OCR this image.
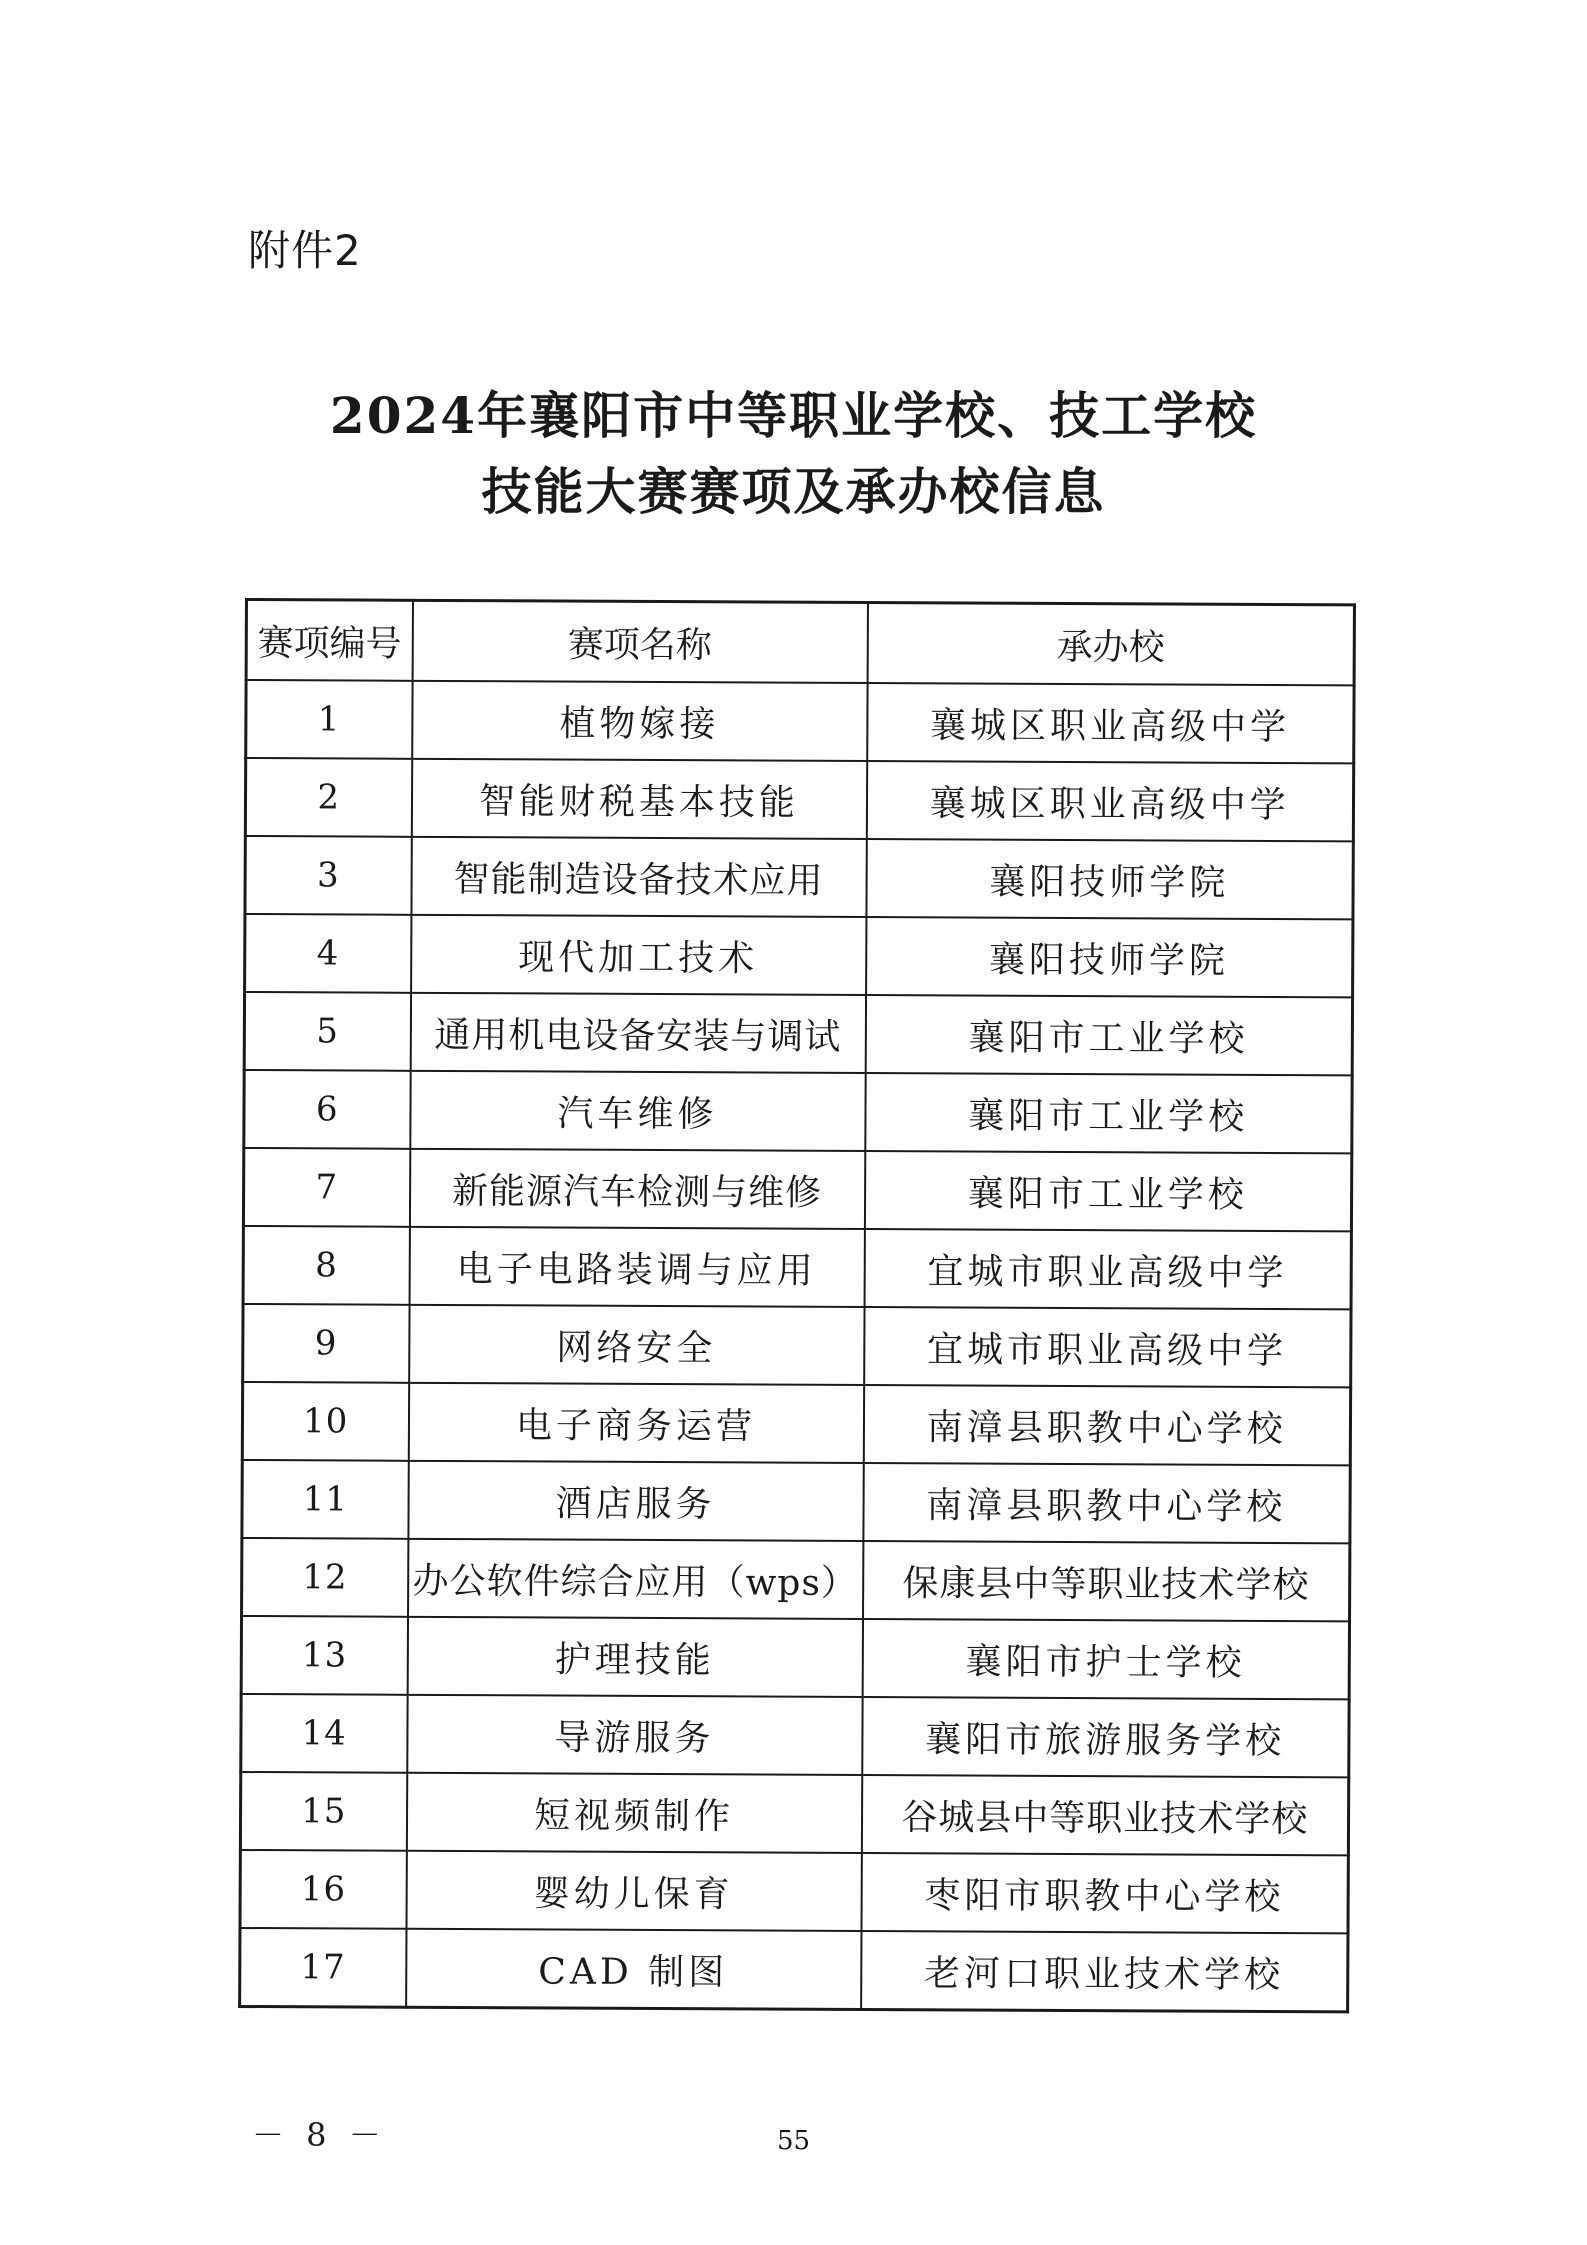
附件2
2024年襄阳市中等职业学校、技工学校
技能大赛赛项及承办校信息
赛项编号	赛项名称	承办校
1	植物嫁接	襄城区职业高级中学
2	智能财税基本技能	襄城区职业高级中学
3	智能制造设备技术应用	襄阳技师学院
4	现代加工技术	襄阳技师学院
5	通用机电设备安装与调试	襄阳市工业学校
6	汽车维修	襄阳市工业学校
7	新能源汽车检测与维修	襄阳市工业学校
8	电子电路装调与应用	宜城市职业高级中学
9	网络安全	宜城市职业高级中学
10	电子商务运营	南漳县职教中心学校
11	酒店服务	南漳县职教中心学校
12	办公软件综合应用（wps）	保康县中等职业技术学校
13	护理技能	襄阳市护士学校
14	导游服务	襄阳市旅游服务学校
15	短视频制作	谷城县中等职业技术学校
16	婴幼儿保育	枣阳市职教中心学校
17	CAD 制图	老河口职业技术学校
－ 8 －	55
